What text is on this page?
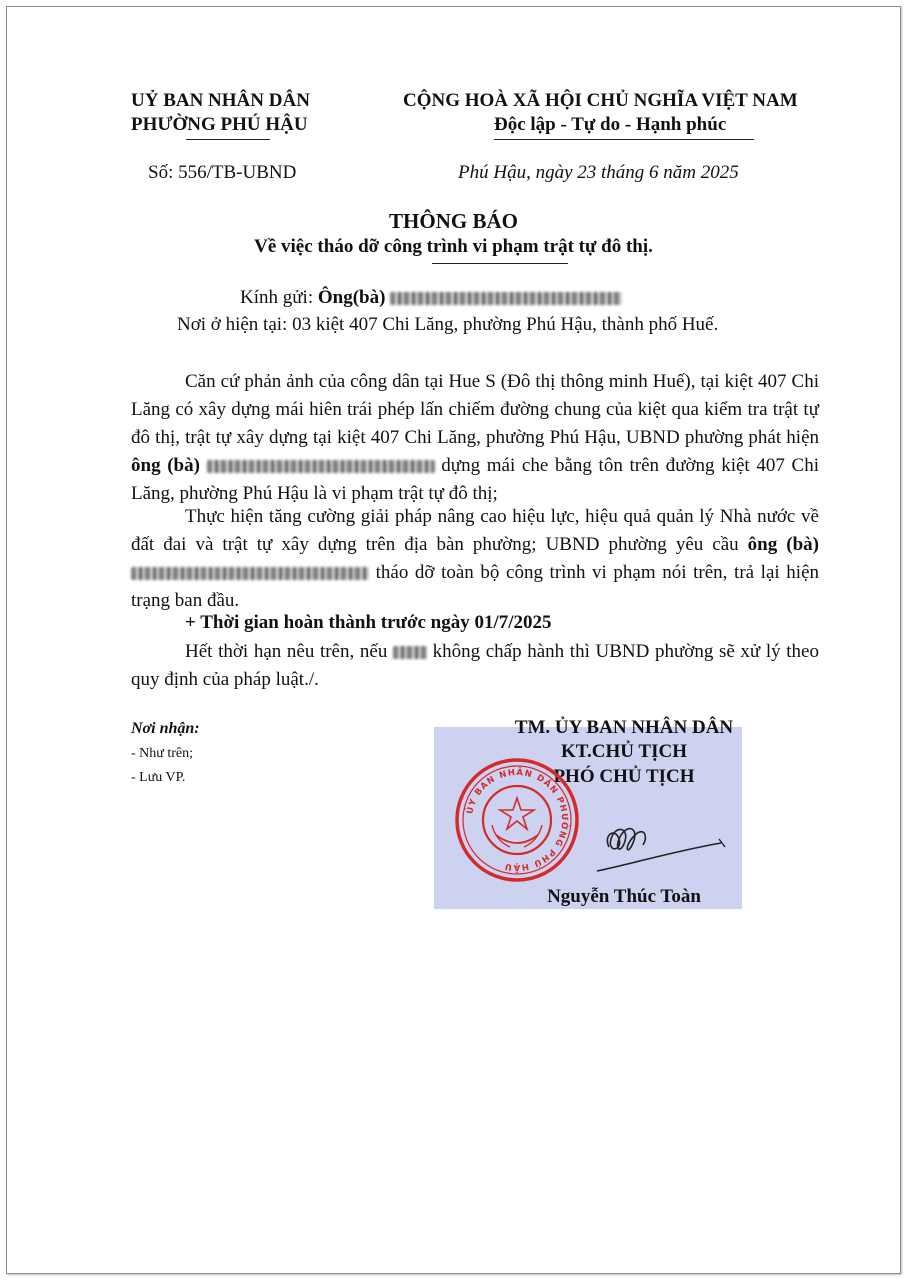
UỶ BAN NHÂN DÂN
PHƯỜNG PHÚ HẬU
CỘNG HOÀ XÃ HỘI CHỦ NGHĨA VIỆT NAM
Độc lập - Tự do - Hạnh phúc
Số: 556/TB-UBND	Phú Hậu, ngày 23 tháng 6 năm 2025
THÔNG BÁO
Về việc tháo dỡ công trình vi phạm trật tự đô thị.
Kính gửi: Ông(bà)
Nơi ở hiện tại: 03 kiệt 407 Chi Lăng, phường Phú Hậu, thành phố Huế.
Căn cứ phản ảnh của công dân tại Hue S (Đô thị thông minh Huế), tại kiệt 407 Chi Lăng có xây dựng mái hiên trái phép lấn chiếm đường chung của kiệt qua kiểm tra trật tự đô thị, trật tự xây dựng tại kiệt 407 Chi Lăng, phường Phú Hậu, UBND phường phát hiện ông (bà)	dựng mái che bằng tôn trên đường kiệt 407 Chi Lăng, phường Phú Hậu là vi phạm trật tự đô thị;
Thực hiện tăng cường giải pháp nâng cao hiệu lực, hiệu quả quản lý Nhà nước về đất đai và trật tự xây dựng trên địa bàn phường; UBND phường yêu cầu ông (bà)  tháo dỡ toàn bộ công trình vi phạm nói trên, trả lại hiện trạng ban đầu.
+ Thời gian hoàn thành trước ngày 01/7/2025
Hết thời hạn nêu trên, nếu  không chấp hành thì UBND phường sẽ xử lý theo quy định của pháp luật./.
Nơi nhận:
- Như trên;
- Lưu VP.
TM. ỦY BAN NHÂN DÂN
KT.CHỦ TỊCH
PHÓ CHỦ TỊCH
ỦY BAN NHÂN DÂN PHƯỜNG PHÚ HẬU
Nguyễn Thúc Toàn
